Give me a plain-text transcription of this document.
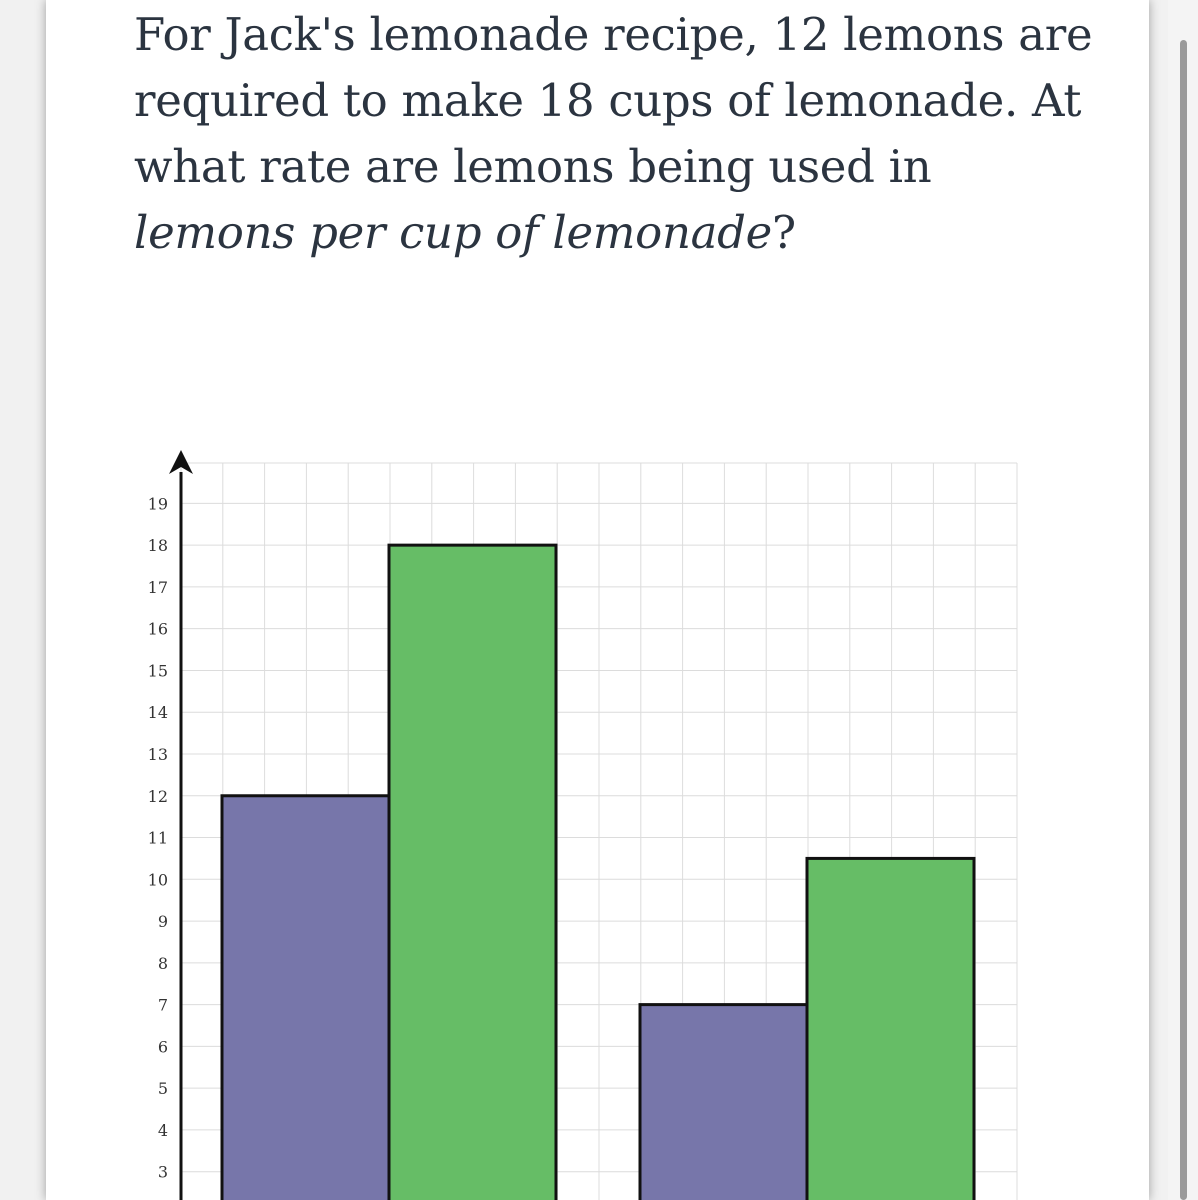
For Jack's lemonade recipe, 12 lemons are required to make 18 cups of lemonade. At what rate are lemons being used in lemons per cup of lemonade?

3
4
5
6
7
8
9
10
11
12
13
14
15
16
17
18
19
